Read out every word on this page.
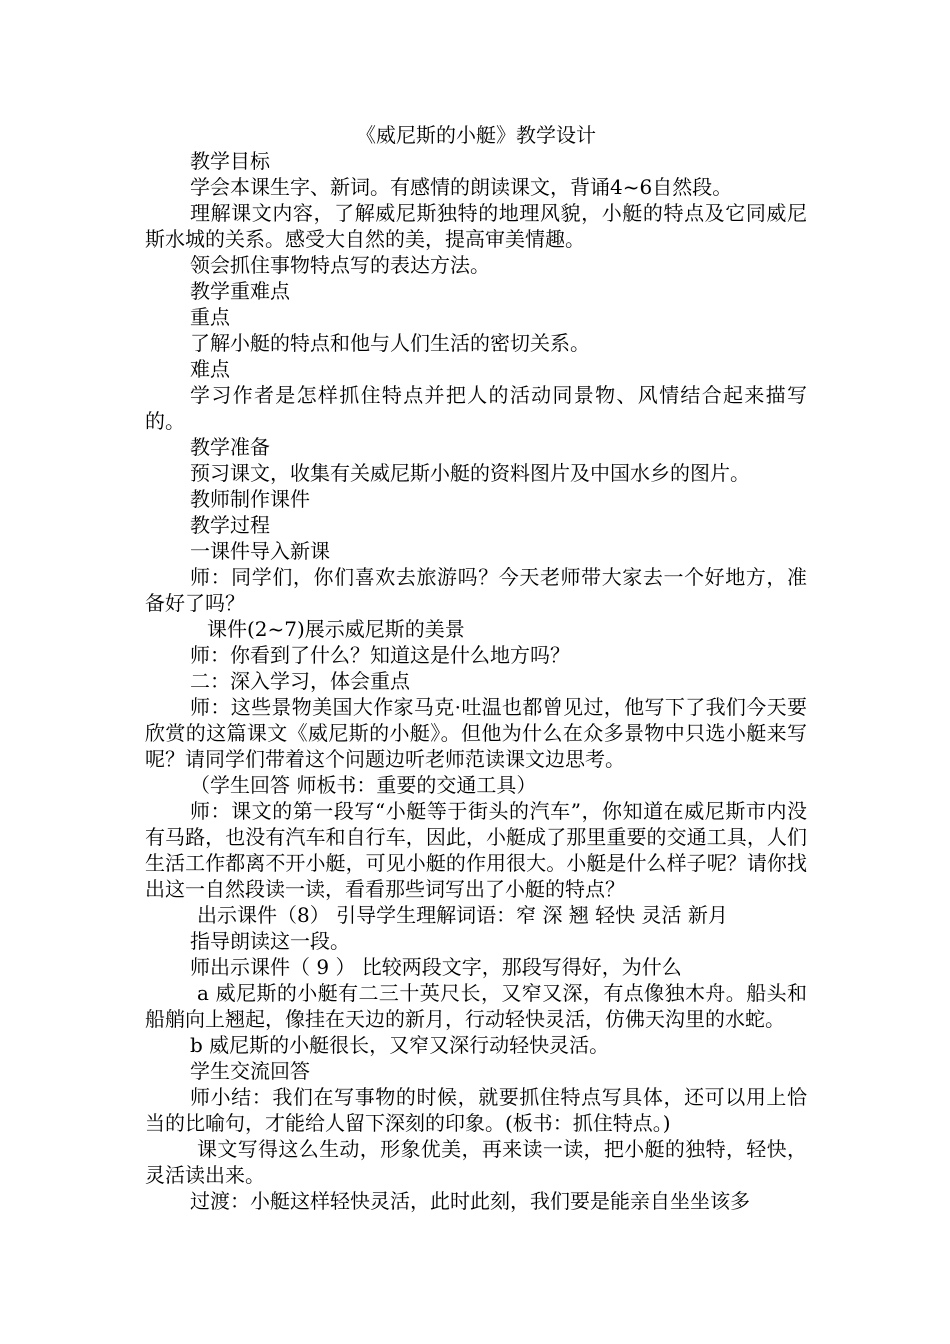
《威尼斯的小艇》教学设计

教学目标

学会本课生字、新词。有感情的朗读课文，背诵4~6自然段。

理解课文内容，了解威尼斯独特的地理风貌，小艇的特点及它同威尼斯水城的关系。感受大自然的美，提高审美情趣。

领会抓住事物特点写的表达方法。

教学重难点

重点

了解小艇的特点和他与人们生活的密切关系。

难点

学习作者是怎样抓住特点并把人的活动同景物、风情结合起来描写的。

教学准备

预习课文，收集有关威尼斯小艇的资料图片及中国水乡的图片。

教师制作课件

教学过程

一课件导入新课

师：同学们，你们喜欢去旅游吗？今天老师带大家去一个好地方，准备好了吗？

课件(2~7)展示威尼斯的美景

师：你看到了什么？知道这是什么地方吗？

二：深入学习，体会重点

师：这些景物美国大作家马克·吐温也都曾见过，他写下了我们今天要欣赏的这篇课文《威尼斯的小艇》。但他为什么在众多景物中只选小艇来写呢？请同学们带着这个问题边听老师范读课文边思考。

（学生回答 师板书：重要的交通工具）

师：课文的第一段写“小艇等于街头的汽车”，你知道在威尼斯市内没有马路，也没有汽车和自行车，因此，小艇成了那里重要的交通工具，人们生活工作都离不开小艇，可见小艇的作用很大。小艇是什么样子呢？请你找出这一自然段读一读，看看那些词写出了小艇的特点？

出示课件（8） 引导学生理解词语：窄 深 翘 轻快 灵活 新月

指导朗读这一段。

师出示课件（ 9 ） 比较两段文字，那段写得好，为什么

a 威尼斯的小艇有二三十英尺长，又窄又深，有点像独木舟。船头和船艄向上翘起，像挂在天边的新月，行动轻快灵活，仿佛天沟里的水蛇。

b 威尼斯的小艇很长，又窄又深行动轻快灵活。

学生交流回答

师小结：我们在写事物的时候，就要抓住特点写具体，还可以用上恰当的比喻句，才能给人留下深刻的印象。(板书：抓住特点。)

课文写得这么生动，形象优美，再来读一读，把小艇的独特，轻快，灵活读出来。

过渡：小艇这样轻快灵活，此时此刻，我们要是能亲自坐坐该多
